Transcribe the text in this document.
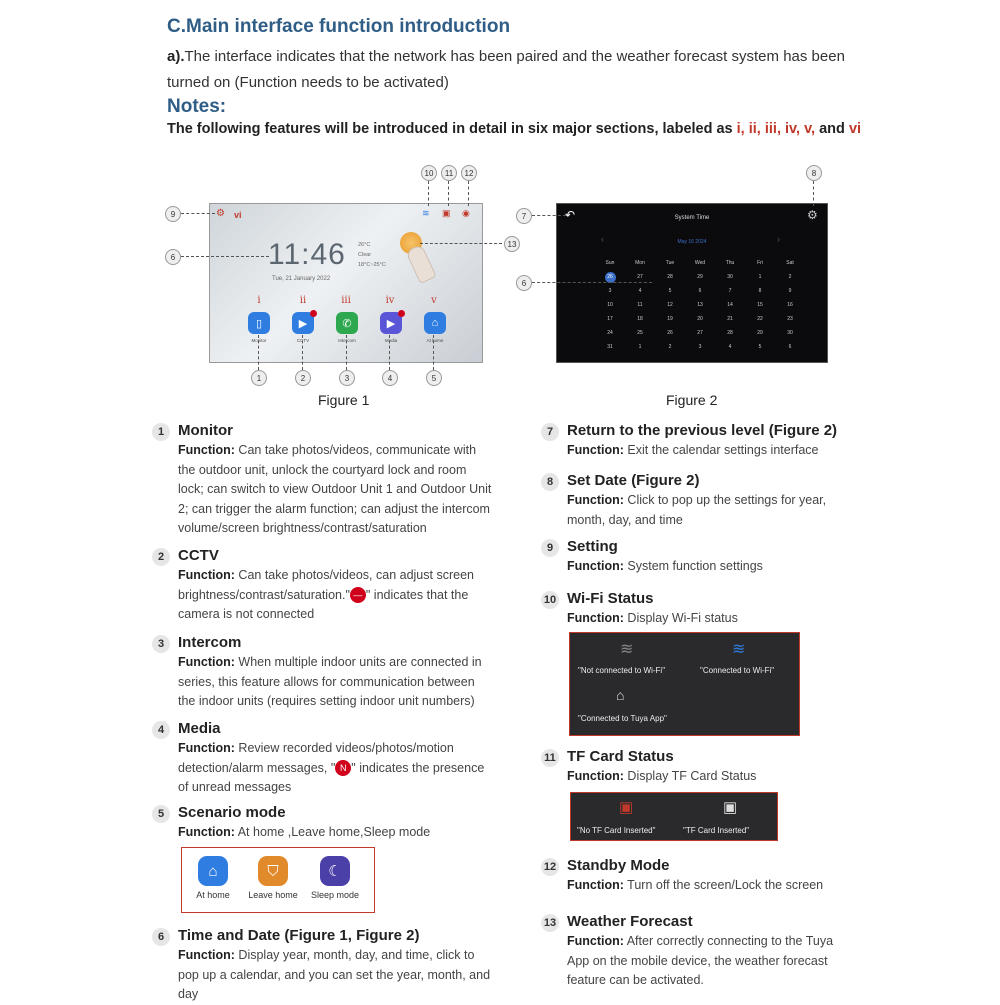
C.Main interface function introduction
a).The interface indicates that the network has been paired and the weather forecast system has been turned on (Function needs to be activated)
Notes:
The following features will be introduced in detail in six major sections, labeled as i, ii, iii, iv, v, and vi
⚙ vi	≋ ▣ ◉
11:46
Tue, 21 January 2022
26°C
Clear
18°C~25°C
i	ii	iii	iv	v
▯	▶	✆	▶	⌂
Monitor	CCTV	Intercom	Media	At home
9
6
10	11	12
13
1	2	3	4	5
Figure 1
↶	⚙
System Time
‹	May 16 2024	›
Sun	Mon	Tue	Wed	Thu	Fri	Sat
26	27	28	29	30	1	2
3	4	5	6	7	8	9
10	11	12	13	14	15	16
17	18	19	20	21	22	23
24	25	26	27	28	29	30
31	1	2	3	4	5	6
7
8
6
Figure 2
1 Monitor
Function: Can take photos/videos, communicate with the outdoor unit, unlock the courtyard lock and room lock; can switch to view Outdoor Unit 1 and Outdoor Unit 2; can trigger the alarm function; can adjust the intercom volume/screen brightness/contrast/saturation
2 CCTV
Function: Can take photos/videos, can adjust screen brightness/contrast/saturation." — " indicates that the camera is not connected
3 Intercom
Function: When multiple indoor units are connected in series, this feature allows for communication between the indoor units (requires setting indoor unit numbers)
4 Media
Function: Review recorded videos/photos/motion detection/alarm messages, " N " indicates the presence of unread messages
5 Scenario mode
Function: At home ,Leave home,Sleep mode
⌂
At home
⛉
Leave home
☾
Sleep mode
6 Time and Date (Figure 1, Figure 2)
Function: Display year, month, day, and time, click to pop up a calendar, and you can set the year, month, and day
7 Return to the previous level (Figure 2)
Function: Exit the calendar settings interface
8 Set Date (Figure 2)
Function: Click to pop up the settings for year, month, day, and time
9 Setting
Function: System function settings
10 Wi-Fi Status
Function: Display Wi-Fi status
≋	≋
"Not connected to Wi-Fi"	"Connected to Wi-Fi"
⌂
"Connected to Tuya App"
11 TF Card Status
Function: Display TF Card Status
▣	▣
"No TF Card Inserted"	"TF Card Inserted"
12 Standby Mode
Function: Turn off the screen/Lock the screen
13 Weather Forecast
Function: After correctly connecting to the Tuya App on the mobile device, the weather forecast feature can be activated.
